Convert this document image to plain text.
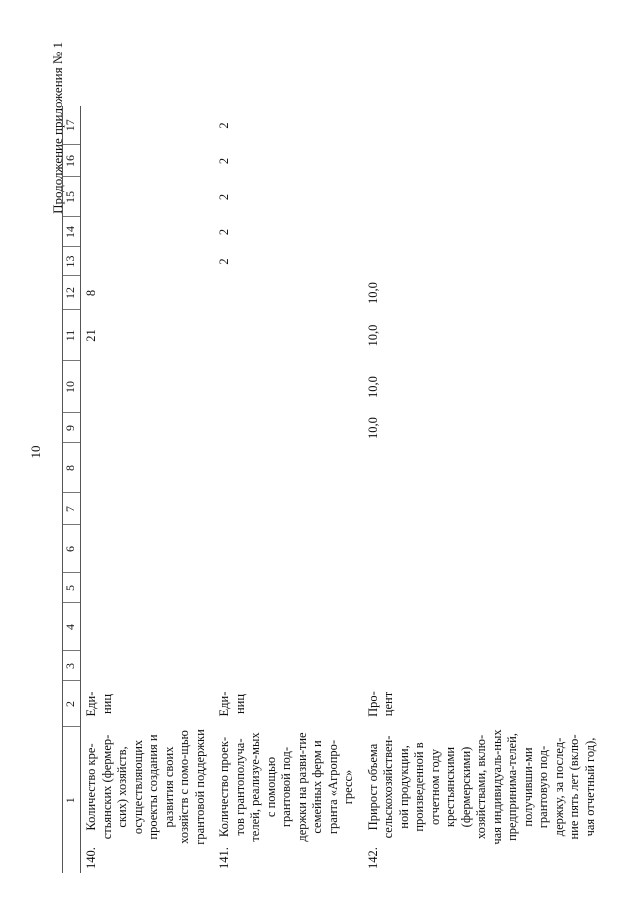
10
Продолжение приложения № 1
1	2	3	4	5	6	7	8	9	10	11	12	13	14	15	16	17

140.
Количество кре-стьянских (фермер-ских) хозяйств, осуществляющих проекты создания и развития своих хозяйств с помо-щью грантовой поддержки	Еди-ниц									21	8					

141.
Количество проек-тов грантополуча-телей, реализуе-мых с помощью грантовой под-держки на разви-тие семейных ферм и гранта «Агропро-гресс»	Еди-ниц											2	2	2	2	2

142.
Прирост объема сельскохозяйствен-ной продукции, произведенной в отчетном году крестьянскими (фермерскими) хозяйствами, вклю-чая индивидуаль-ных предпринима-телей, получивши-ми грантовую под-держку, за послед-ние пять лет (вклю-чая отчетный год),	Про-цент							10,0	10,0	10,0	10,0					
